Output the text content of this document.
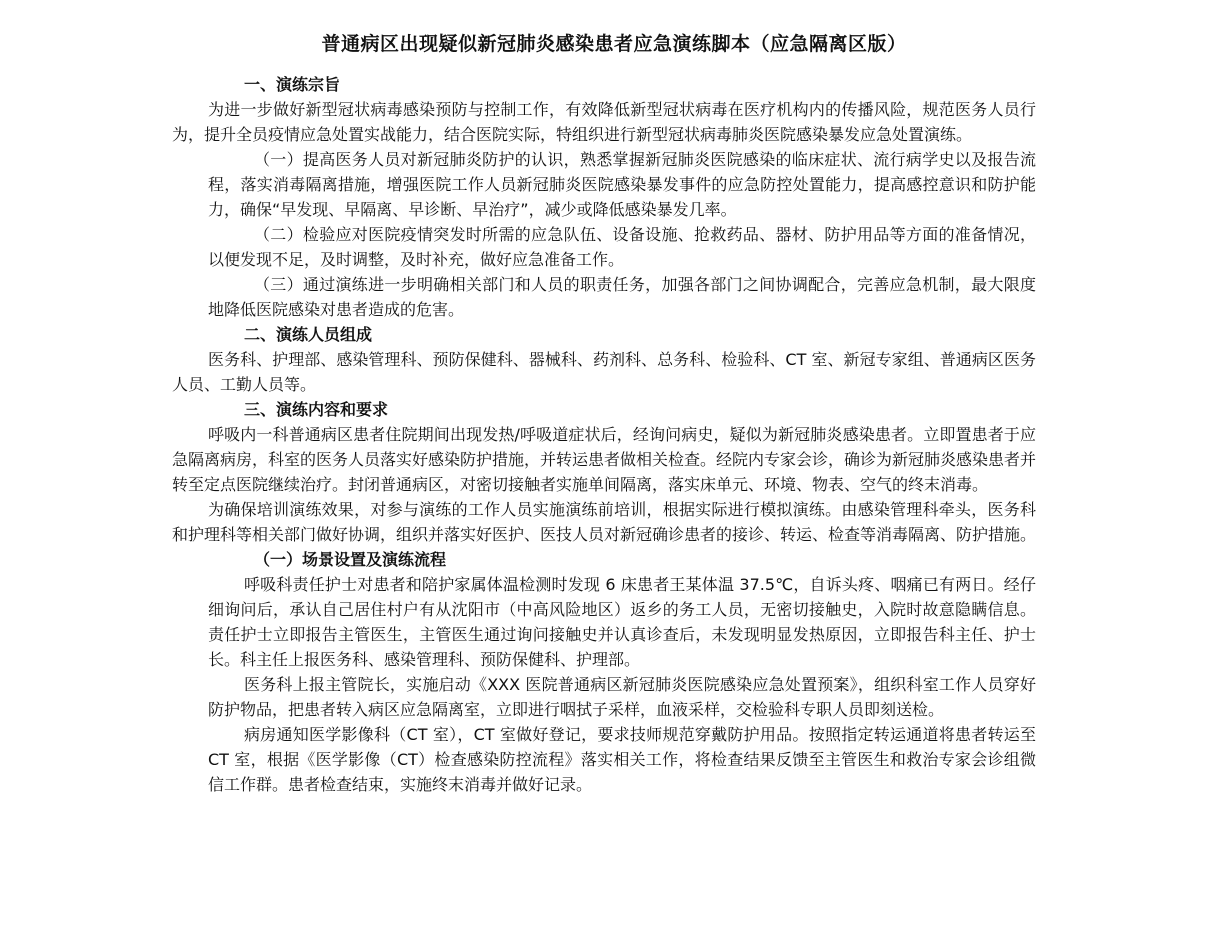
普通病区出现疑似新冠肺炎感染患者应急演练脚本（应急隔离区版）

一、演练宗旨

为进一步做好新型冠状病毒感染预防与控制工作，有效降低新型冠状病毒在医疗机构内的传播风险，规范医务人员行为，提升全员疫情应急处置实战能力，结合医院实际，特组织进行新型冠状病毒肺炎医院感染暴发应急处置演练。

（一）提高医务人员对新冠肺炎防护的认识，熟悉掌握新冠肺炎医院感染的临床症状、流行病学史以及报告流程，落实消毒隔离措施，增强医院工作人员新冠肺炎医院感染暴发事件的应急防控处置能力，提高感控意识和防护能力，确保“早发现、早隔离、早诊断、早治疗”，减少或降低感染暴发几率。

（二）检验应对医院疫情突发时所需的应急队伍、设备设施、抢救药品、器材、防护用品等方面的准备情况，以便发现不足，及时调整，及时补充，做好应急准备工作。

（三）通过演练进一步明确相关部门和人员的职责任务，加强各部门之间协调配合，完善应急机制，最大限度地降低医院感染对患者造成的危害。

二、演练人员组成

医务科、护理部、感染管理科、预防保健科、器械科、药剂科、总务科、检验科、CT 室、新冠专家组、普通病区医务人员、工勤人员等。

三、演练内容和要求

呼吸内一科普通病区患者住院期间出现发热/呼吸道症状后，经询问病史，疑似为新冠肺炎感染患者。立即置患者于应急隔离病房，科室的医务人员落实好感染防护措施，并转运患者做相关检查。经院内专家会诊，确诊为新冠肺炎感染患者并转至定点医院继续治疗。封闭普通病区，对密切接触者实施单间隔离，落实床单元、环境、物表、空气的终末消毒。

为确保培训演练效果，对参与演练的工作人员实施演练前培训，根据实际进行模拟演练。由感染管理科牵头，医务科和护理科等相关部门做好协调，组织并落实好医护、医技人员对新冠确诊患者的接诊、转运、检查等消毒隔离、防护措施。

（一）场景设置及演练流程

呼吸科责任护士对患者和陪护家属体温检测时发现 6 床患者王某体温 37.5℃，自诉头疼、咽痛已有两日。经仔细询问后，承认自己居住村户有从沈阳市（中高风险地区）返乡的务工人员，无密切接触史，入院时故意隐瞒信息。责任护士立即报告主管医生，主管医生通过询问接触史并认真诊查后，未发现明显发热原因，立即报告科主任、护士长。科主任上报医务科、感染管理科、预防保健科、护理部。

医务科上报主管院长，实施启动《XXX 医院普通病区新冠肺炎医院感染应急处置预案》，组织科室工作人员穿好防护物品，把患者转入病区应急隔离室，立即进行咽拭子采样，血液采样，交检验科专职人员即刻送检。

病房通知医学影像科（CT 室），CT 室做好登记，要求技师规范穿戴防护用品。按照指定转运通道将患者转运至 CT 室，根据《医学影像（CT）检查感染防控流程》落实相关工作，将检查结果反馈至主管医生和救治专家会诊组微信工作群。患者检查结束，实施终末消毒并做好记录。
